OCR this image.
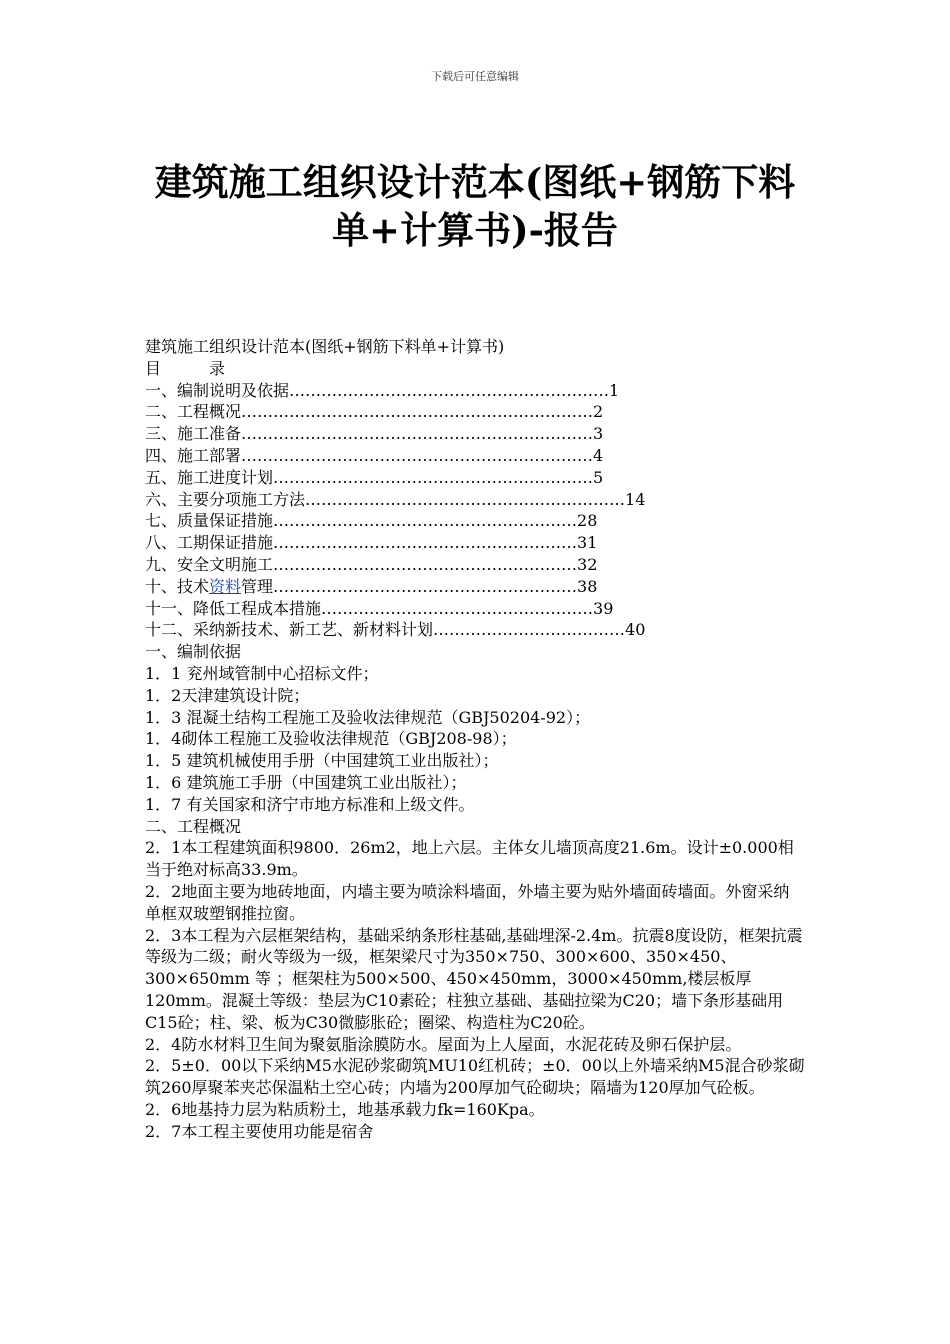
下载后可任意编辑
建筑施工组织设计范本(图纸+钢筋下料
单+计算书)-报告
建筑施工组织设计范本(图纸+钢筋下料单+计算书)
目　　　录
一、编制说明及依据……………………………………………………1
二、工程概况…………………………………………………………2
三、施工准备…………………………………………………………3
四、施工部署…………………………………………………………4
五、施工进度计划……………………………………………………5
六、主要分项施工方法……………………………………………………14
七、质量保证措施…………………………………………………28
八、工期保证措施…………………………………………………31
九、安全文明施工…………………………………………………32
十、技术资料管理…………………………………………………38
十一、降低工程成本措施……………………………………………39
十二、采纳新技术、新工艺、新材料计划………………………………40
一、编制依据
1．1 兖州域管制中心招标文件；
1．2天津建筑设计院；
1．3 混凝土结构工程施工及验收法律规范（GBJ50204-92）；
1．4砌体工程施工及验收法律规范（GBJ208-98）；
1．5 建筑机械使用手册（中国建筑工业出版社）；
1．6 建筑施工手册（中国建筑工业出版社）；
1．7 有关国家和济宁市地方标准和上级文件。
二、工程概况
2．1本工程建筑面积9800．26m2，地上六层。主体女儿墙顶高度21.6m。设计±0.000相当于绝对标高33.9m。
2．2地面主要为地砖地面，内墙主要为喷涂料墙面，外墙主要为贴外墙面砖墙面。外窗采纳单框双玻塑钢推拉窗。
2．3本工程为六层框架结构，基础采纳条形柱基础,基础埋深-2.4m。抗震8度设防，框架抗震等级为二级；耐火等级为一级，框架梁尺寸为350×750、300×600、350×450、300×650mm 等 ；框架柱为500×500、450×450mm，3000×450mm,楼层板厚120mm。混凝土等级：垫层为C10素砼；柱独立基础、基础拉梁为C20；墙下条形基础用C15砼；柱、梁、板为C30微膨胀砼；圈梁、构造柱为C20砼。
2．4防水材料卫生间为聚氨脂涂膜防水。屋面为上人屋面，水泥花砖及卵石保护层。
2．5±0．00以下采纳M5水泥砂浆砌筑MU10红机砖；±0．00以上外墙采纳M5混合砂浆砌筑260厚聚苯夹芯保温粘土空心砖；内墙为200厚加气砼砌块；隔墙为120厚加气砼板。
2．6地基持力层为粘质粉土，地基承载力fk=160Kpa。
2．7本工程主要使用功能是宿舍
